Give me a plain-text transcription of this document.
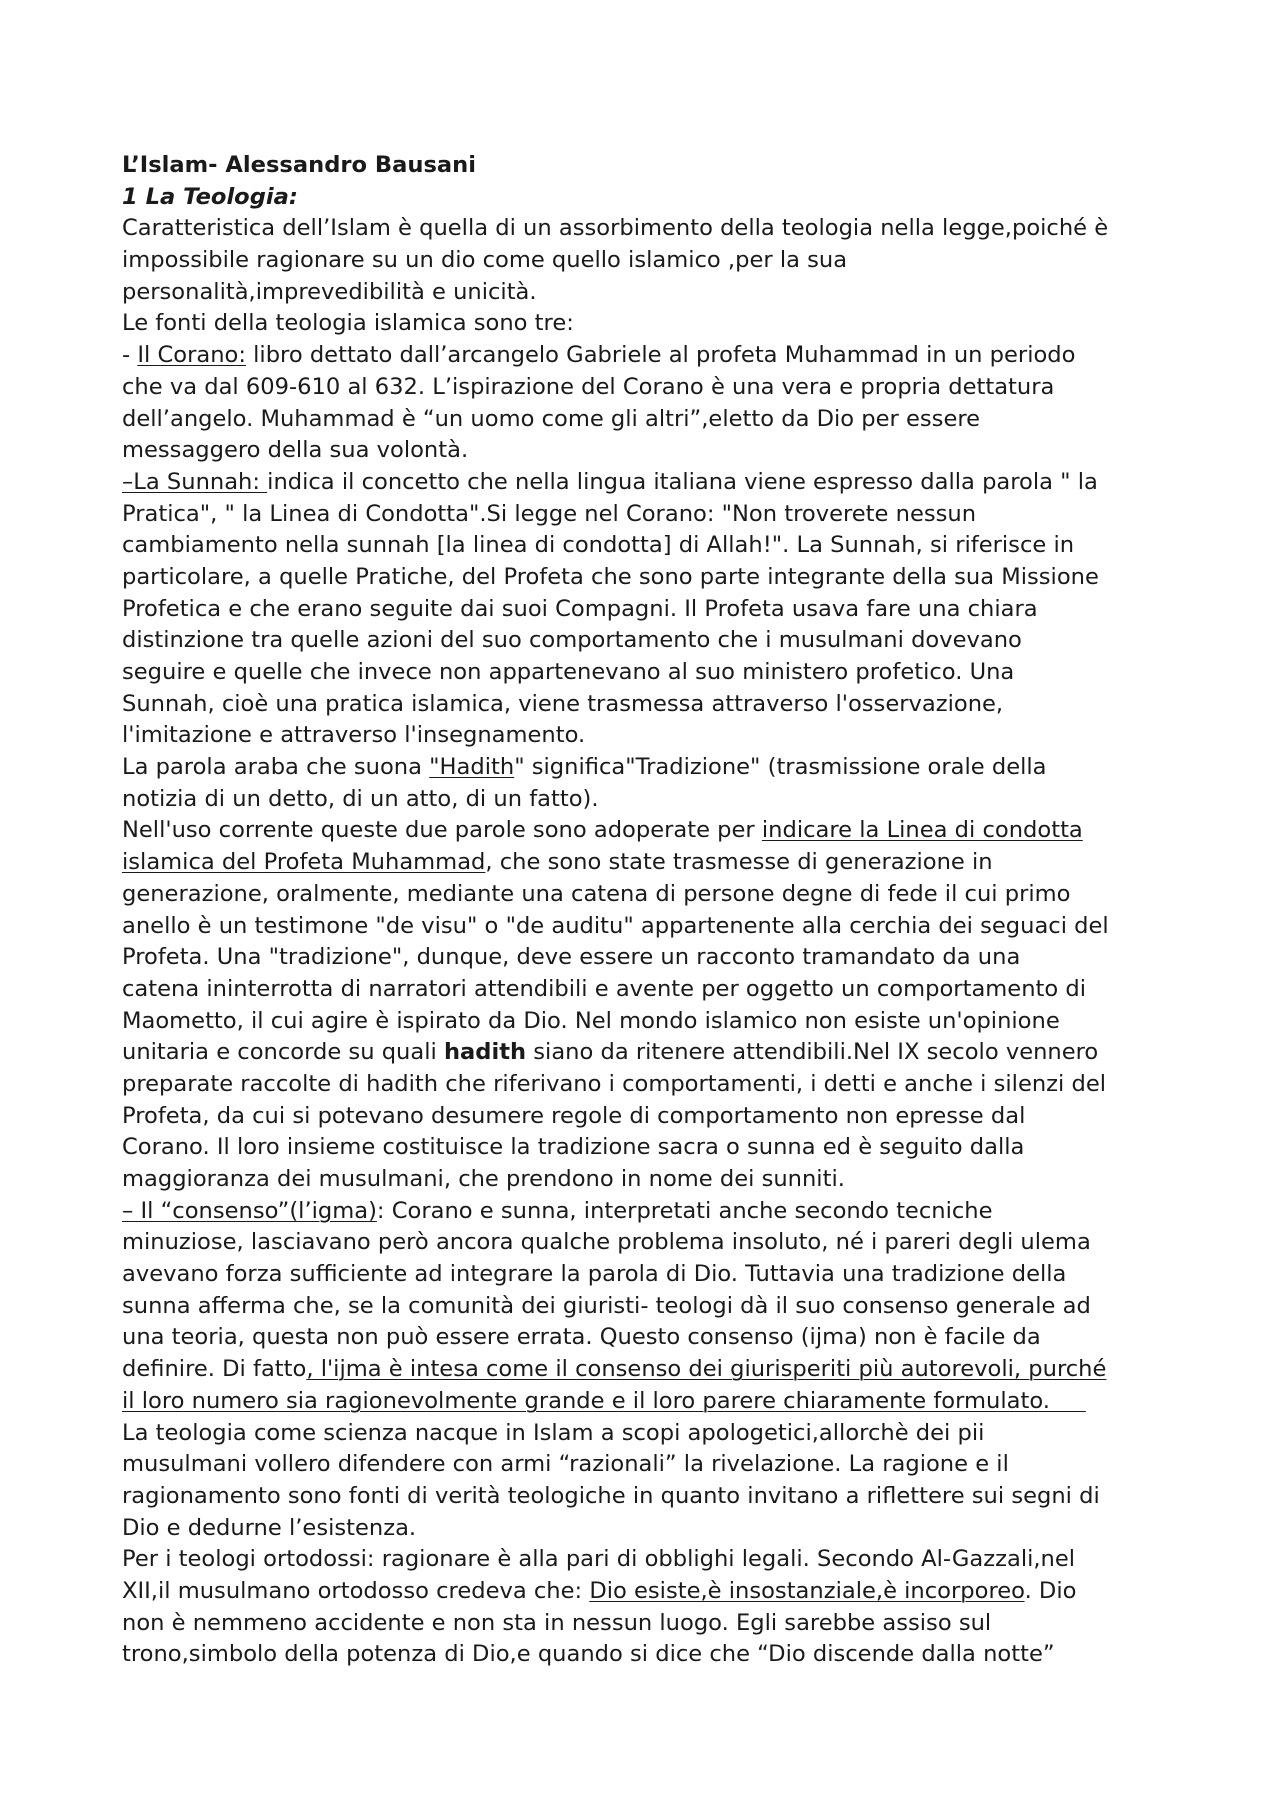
L’Islam- Alessandro Bausani
1 La Teologia:
Caratteristica dell’Islam è quella di un assorbimento della teologia nella legge,poiché è
impossibile ragionare su un dio come quello islamico ,per la sua
personalità,imprevedibilità e unicità.
Le fonti della teologia islamica sono tre:
- Il Corano: libro dettato dall’arcangelo Gabriele al profeta Muhammad in un periodo
che va dal 609-610 al 632. L’ispirazione del Corano è una vera e propria dettatura
dell’angelo. Muhammad è “un uomo come gli altri”,eletto da Dio per essere
messaggero della sua volontà.
–La Sunnah: indica il concetto che nella lingua italiana viene espresso dalla parola " la
Pratica", " la Linea di Condotta".Si legge nel Corano: "Non troverete nessun
cambiamento nella sunnah [la linea di condotta] di Allah!". La Sunnah, si riferisce in
particolare, a quelle Pratiche, del Profeta che sono parte integrante della sua Missione
Profetica e che erano seguite dai suoi Compagni. Il Profeta usava fare una chiara
distinzione tra quelle azioni del suo comportamento che i musulmani dovevano
seguire e quelle che invece non appartenevano al suo ministero profetico. Una
Sunnah, cioè una pratica islamica, viene trasmessa attraverso l'osservazione,
l'imitazione e attraverso l'insegnamento.
La parola araba che suona "Hadith" significa"Tradizione" (trasmissione orale della
notizia di un detto, di un atto, di un fatto).
Nell'uso corrente queste due parole sono adoperate per indicare la Linea di condotta
islamica del Profeta Muhammad, che sono state trasmesse di generazione in
generazione, oralmente, mediante una catena di persone degne di fede il cui primo
anello è un testimone "de visu" o "de auditu" appartenente alla cerchia dei seguaci del
Profeta. Una "tradizione", dunque, deve essere un racconto tramandato da una
catena ininterrotta di narratori attendibili e avente per oggetto un comportamento di
Maometto, il cui agire è ispirato da Dio. Nel mondo islamico non esiste un'opinione
unitaria e concorde su quali hadith siano da ritenere attendibili.Nel IX secolo vennero
preparate raccolte di hadith che riferivano i comportamenti, i detti e anche i silenzi del
Profeta, da cui si potevano desumere regole di comportamento non epresse dal
Corano. Il loro insieme costituisce la tradizione sacra o sunna ed è seguito dalla
maggioranza dei musulmani, che prendono in nome dei sunniti.
– Il “consenso”(l’igma): Corano e sunna, interpretati anche secondo tecniche
minuziose, lasciavano però ancora qualche problema insoluto, né i pareri degli ulema
avevano forza sufficiente ad integrare la parola di Dio. Tuttavia una tradizione della
sunna afferma che, se la comunità dei giuristi- teologi dà il suo consenso generale ad
una teoria, questa non può essere errata. Questo consenso (ijma) non è facile da
definire. Di fatto, l'ijma è intesa come il consenso dei giurisperiti più autorevoli, purché
il loro numero sia ragionevolmente grande e il loro parere chiaramente formulato.
La teologia come scienza nacque in Islam a scopi apologetici,allorchè dei pii
musulmani vollero difendere con armi “razionali” la rivelazione. La ragione e il
ragionamento sono fonti di verità teologiche in quanto invitano a riflettere sui segni di
Dio e dedurne l’esistenza.
Per i teologi ortodossi: ragionare è alla pari di obblighi legali. Secondo Al-Gazzali,nel
XII,il musulmano ortodosso credeva che: Dio esiste,è insostanziale,è incorporeo. Dio
non è nemmeno accidente e non sta in nessun luogo. Egli sarebbe assiso sul
trono,simbolo della potenza di Dio,e quando si dice che “Dio discende dalla notte”
